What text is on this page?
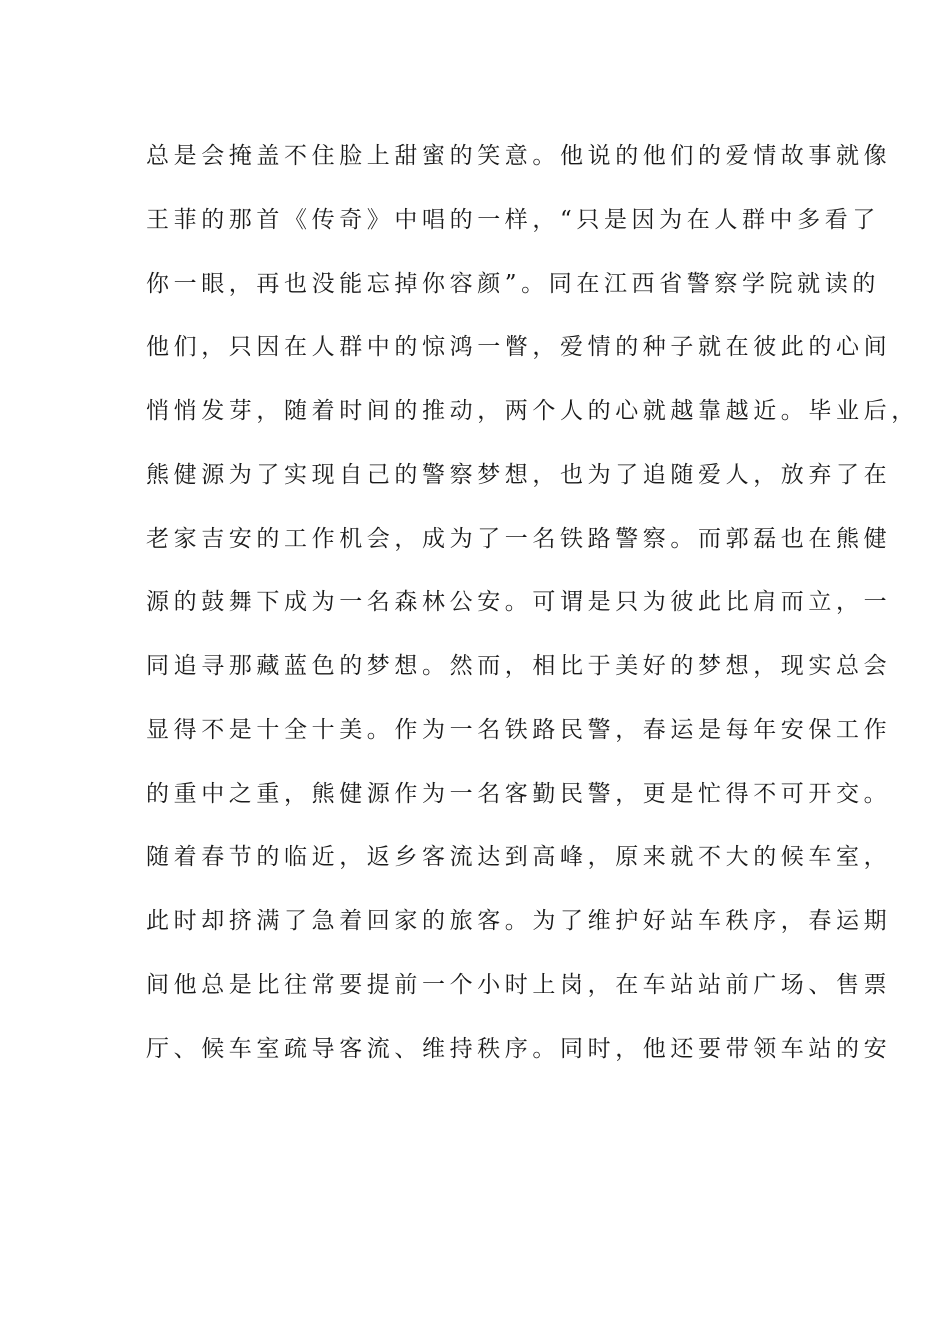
总是会掩盖不住脸上甜蜜的笑意。他说的他们的爱情故事就像
王菲的那首《传奇》中唱的一样，“只是因为在人群中多看了
你一眼，再也没能忘掉你容颜”。同在江西省警察学院就读的
他们，只因在人群中的惊鸿一瞥，爱情的种子就在彼此的心间
悄悄发芽，随着时间的推动，两个人的心就越靠越近。毕业后，
熊健源为了实现自己的警察梦想，也为了追随爱人，放弃了在
老家吉安的工作机会，成为了一名铁路警察。而郭磊也在熊健
源的鼓舞下成为一名森林公安。可谓是只为彼此比肩而立，一
同追寻那藏蓝色的梦想。然而，相比于美好的梦想，现实总会
显得不是十全十美。作为一名铁路民警，春运是每年安保工作
的重中之重，熊健源作为一名客勤民警，更是忙得不可开交。
随着春节的临近，返乡客流达到高峰，原来就不大的候车室，
此时却挤满了急着回家的旅客。为了维护好站车秩序，春运期
间他总是比往常要提前一个小时上岗，在车站站前广场、售票
厅、候车室疏导客流、维持秩序。同时，他还要带领车站的安
